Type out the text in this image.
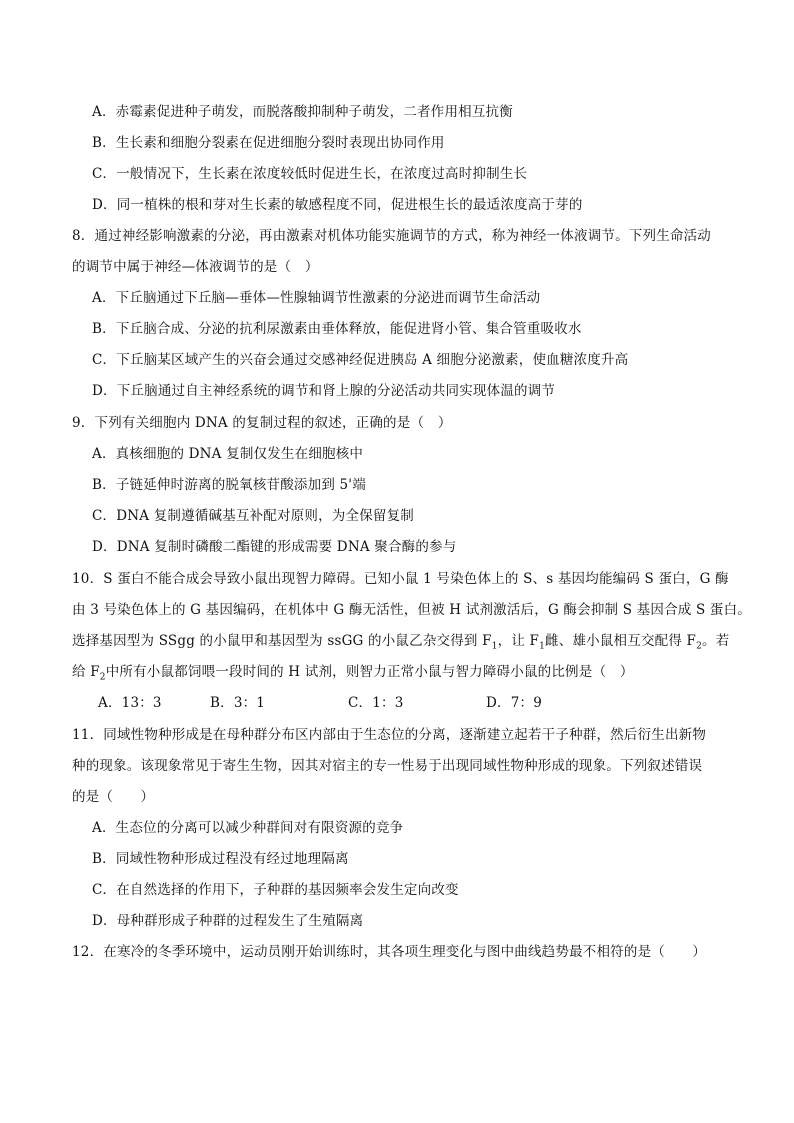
A．赤霉素促进种子萌发，而脱落酸抑制种子萌发，二者作用相互抗衡
B．生长素和细胞分裂素在促进细胞分裂时表现出协同作用
C．一般情况下，生长素在浓度较低时促进生长，在浓度过高时抑制生长
D．同一植株的根和芽对生长素的敏感程度不同，促进根生长的最适浓度高于芽的
8．通过神经影响激素的分泌，再由激素对机体功能实施调节的方式，称为神经一体液调节。下列生命活动
的调节中属于神经—体液调节的是（　）
A．下丘脑通过下丘脑—垂体—性腺轴调节性激素的分泌进而调节生命活动
B．下丘脑合成、分泌的抗利尿激素由垂体释放，能促进肾小管、集合管重吸收水
C．下丘脑某区域产生的兴奋会通过交感神经促进胰岛 A 细胞分泌激素，使血糖浓度升高
D．下丘脑通过自主神经系统的调节和肾上腺的分泌活动共同实现体温的调节
9．下列有关细胞内 DNA 的复制过程的叙述，正确的是（　）
A．真核细胞的 DNA 复制仅发生在细胞核中
B．子链延伸时游离的脱氧核苷酸添加到 5'端
C．DNA 复制遵循碱基互补配对原则，为全保留复制
D．DNA 复制时磷酸二酯键的形成需要 DNA 聚合酶的参与
10．S 蛋白不能合成会导致小鼠出现智力障碍。已知小鼠 1 号染色体上的 S、s 基因均能编码 S 蛋白，G 酶
由 3 号染色体上的 G 基因编码，在机体中 G 酶无活性，但被 H 试剂激活后，G 酶会抑制 S 基因合成 S 蛋白。
选择基因型为 SSgg 的小鼠甲和基因型为 ssGG 的小鼠乙杂交得到 $F_1$，让 $F_1$雌、雄小鼠相互交配得 $F_2$。若
给 $F_2$中所有小鼠都饲喂一段时间的 H 试剂，则智力正常小鼠与智力障碍小鼠的比例是（　）
A．13：3	B．3：1	C．1：3	D．7：9
11．同域性物种形成是在母种群分布区内部由于生态位的分离，逐渐建立起若干子种群，然后衍生出新物
种的现象。该现象常见于寄生生物，因其对宿主的专一性易于出现同域性物种形成的现象。下列叙述错误
的是（　　）
A．生态位的分离可以减少种群间对有限资源的竞争
B．同域性物种形成过程没有经过地理隔离
C．在自然选择的作用下，子种群的基因频率会发生定向改变
D．母种群形成子种群的过程发生了生殖隔离
12．在寒冷的冬季环境中，运动员刚开始训练时，其各项生理变化与图中曲线趋势最不相符的是（　　）
